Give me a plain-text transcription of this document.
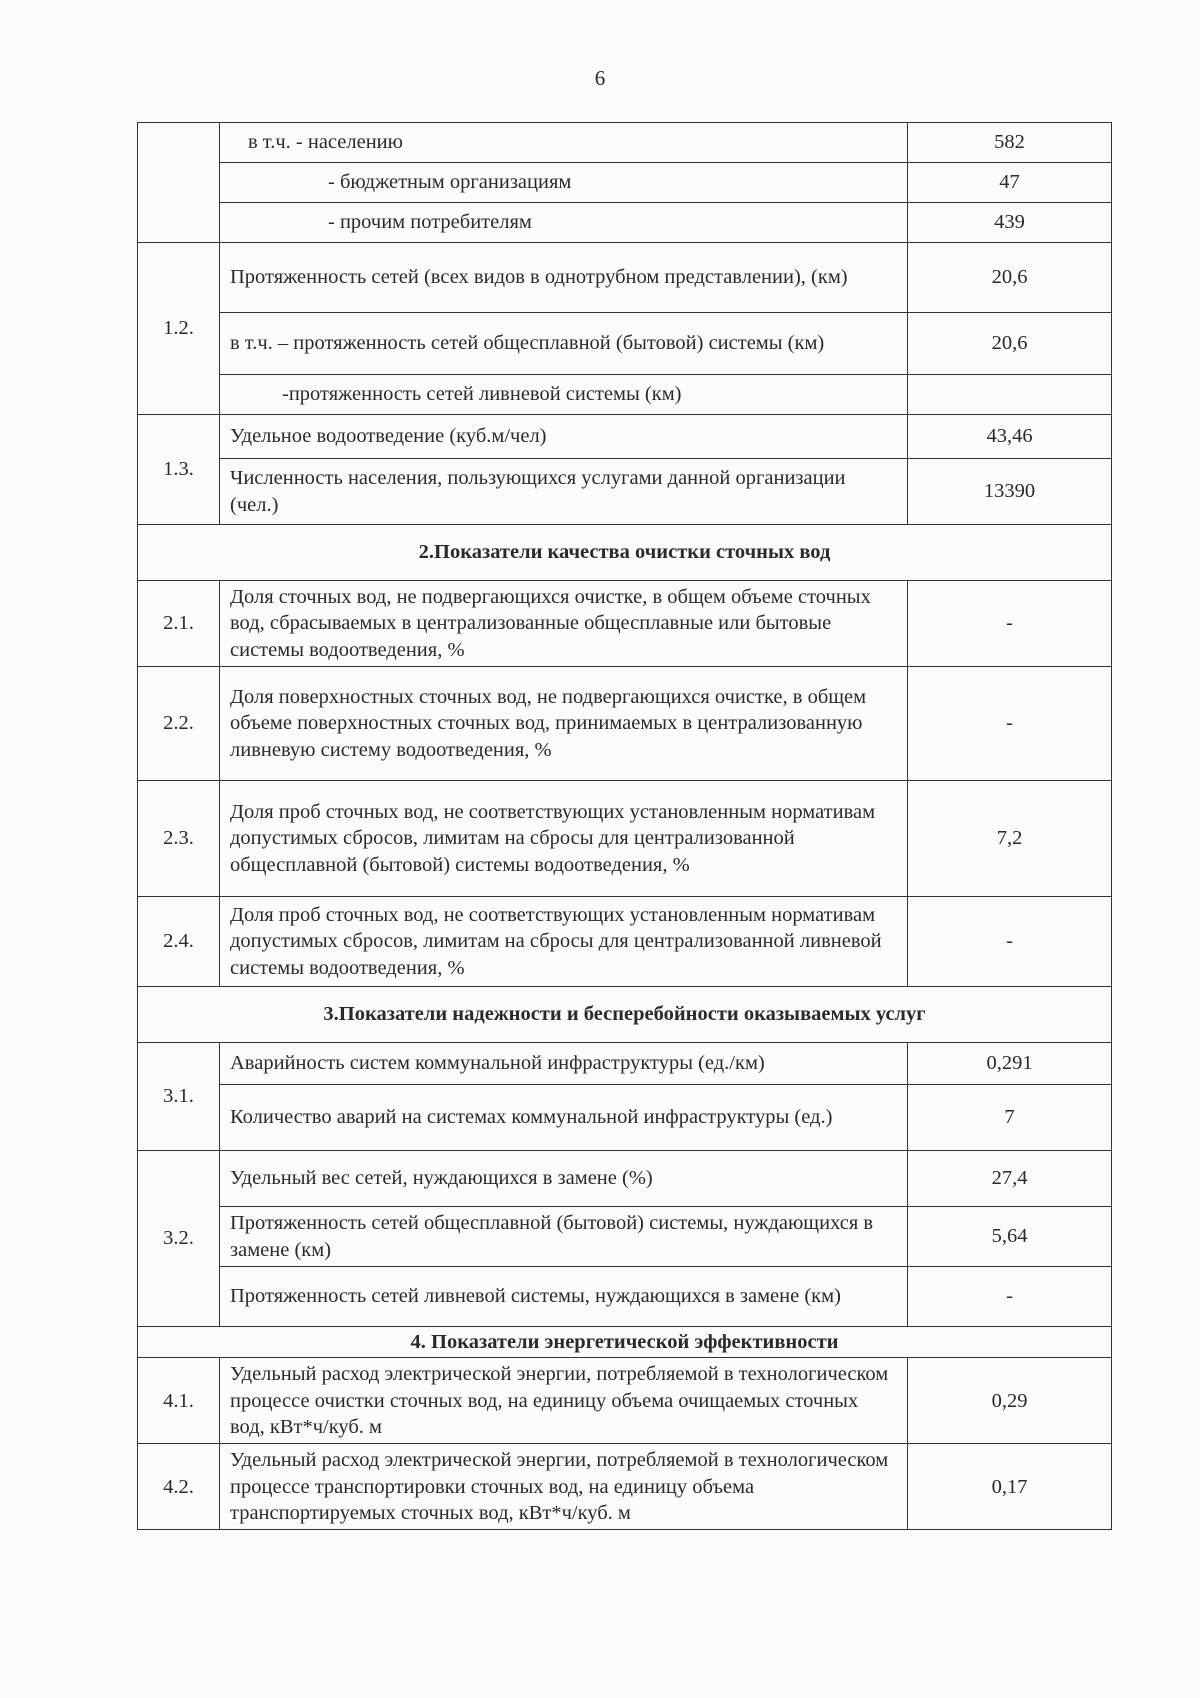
6
	в т.ч. - населению	582
	- бюджетным организациям	47
	- прочим потребителям	439
1.2.	Протяженность сетей (всех видов в однотрубном представлении), (км)	20,6
	в т.ч. – протяженность сетей общесплавной (бытовой) системы (км)	20,6
	-протяженность сетей ливневой системы (км)	
1.3.	Удельное водоотведение (куб.м/чел)	43,46
	Численность населения, пользующихся услугами данной организации (чел.)	13390
2.Показатели качества очистки сточных вод		
2.1.	Доля сточных вод, не подвергающихся очистке, в общем объеме сточных вод, сбрасываемых в централизованные общесплавные или бытовые системы водоотведения, %	-
2.2.	Доля поверхностных сточных вод, не подвергающихся очистке, в общем объеме поверхностных сточных вод, принимаемых в централизованную ливневую систему водоотведения, %	-
2.3.	Доля проб сточных вод, не соответствующих установленным нормативам допустимых сбросов, лимитам на сбросы для централизованной общесплавной (бытовой) системы водоотведения, %	7,2
2.4.	Доля проб сточных вод, не соответствующих установленным нормативам допустимых сбросов, лимитам на сбросы для централизованной ливневой системы водоотведения, %	-
3.Показатели надежности и бесперебойности оказываемых услуг		
3.1.	Аварийность систем коммунальной инфраструктуры (ед./км)	0,291
	Количество аварий на системах коммунальной инфраструктуры (ед.)	7
3.2.	Удельный вес сетей, нуждающихся в замене (%)	27,4
	Протяженность сетей общесплавной (бытовой) системы, нуждающихся в замене (км)	5,64
	Протяженность сетей ливневой системы, нуждающихся в замене (км)	-
4. Показатели энергетической эффективности		
4.1.	Удельный расход электрической энергии, потребляемой в технологическом процессе очистки сточных вод, на единицу объема очищаемых сточных вод, кВт*ч/куб. м	0,29
4.2.	Удельный расход электрической энергии, потребляемой в технологическом процессе транспортировки сточных вод, на единицу объема транспортируемых сточных вод, кВт*ч/куб. м	0,17
